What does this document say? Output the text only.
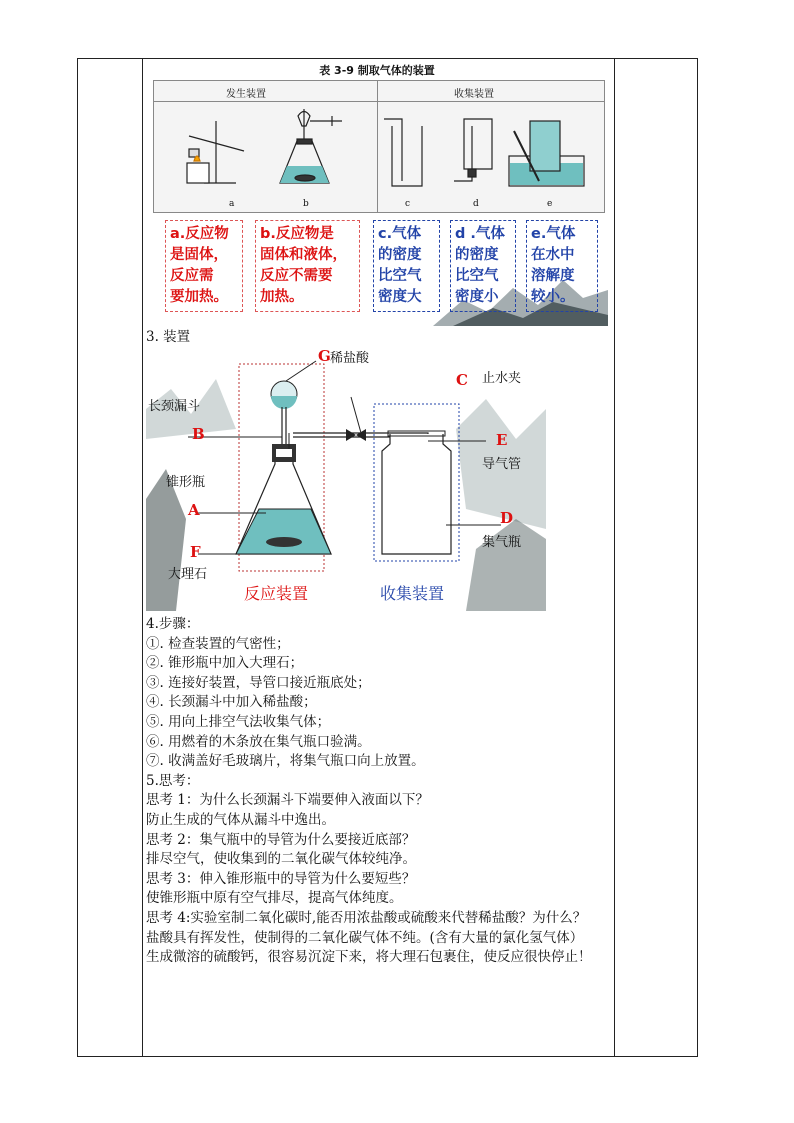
表 3-9 制取气体的装置
发生装置	收集装置
a	b	c	d	e
a.反应物
是固体，
反应需
要加热。
b.反应物是
固体和液体，
反应不需要
加热。
c.气体
的密度
比空气
密度大
d .气体
的密度
比空气
密度小
e.气体
在水中
溶解度
较小。
3. 装置
G 稀盐酸
C 止水夹
长颈漏斗
B	E
导气管
锥形瓶
A	D
集气瓶
F
大理石
反应装置	收集装置
4.步骤：
①. 检查装置的气密性；
②. 锥形瓶中加入大理石；
③. 连接好装置，导管口接近瓶底处；
④. 长颈漏斗中加入稀盐酸；
⑤. 用向上排空气法收集气体；
⑥. 用燃着的木条放在集气瓶口验满。
⑦. 收满盖好毛玻璃片，将集气瓶口向上放置。
5.思考：
思考 1：为什么长颈漏斗下端要伸入液面以下？
防止生成的气体从漏斗中逸出。
思考 2：集气瓶中的导管为什么要接近底部？
排尽空气，使收集到的二氧化碳气体较纯净。
思考 3：伸入锥形瓶中的导管为什么要短些？
使锥形瓶中原有空气排尽，提高气体纯度。
思考 4:实验室制二氧化碳时,能否用浓盐酸或硫酸来代替稀盐酸？为什么？
盐酸具有挥发性，使制得的二氧化碳气体不纯。(含有大量的氯化氢气体）
生成微溶的硫酸钙，很容易沉淀下来，将大理石包裹住，使反应很快停止！
